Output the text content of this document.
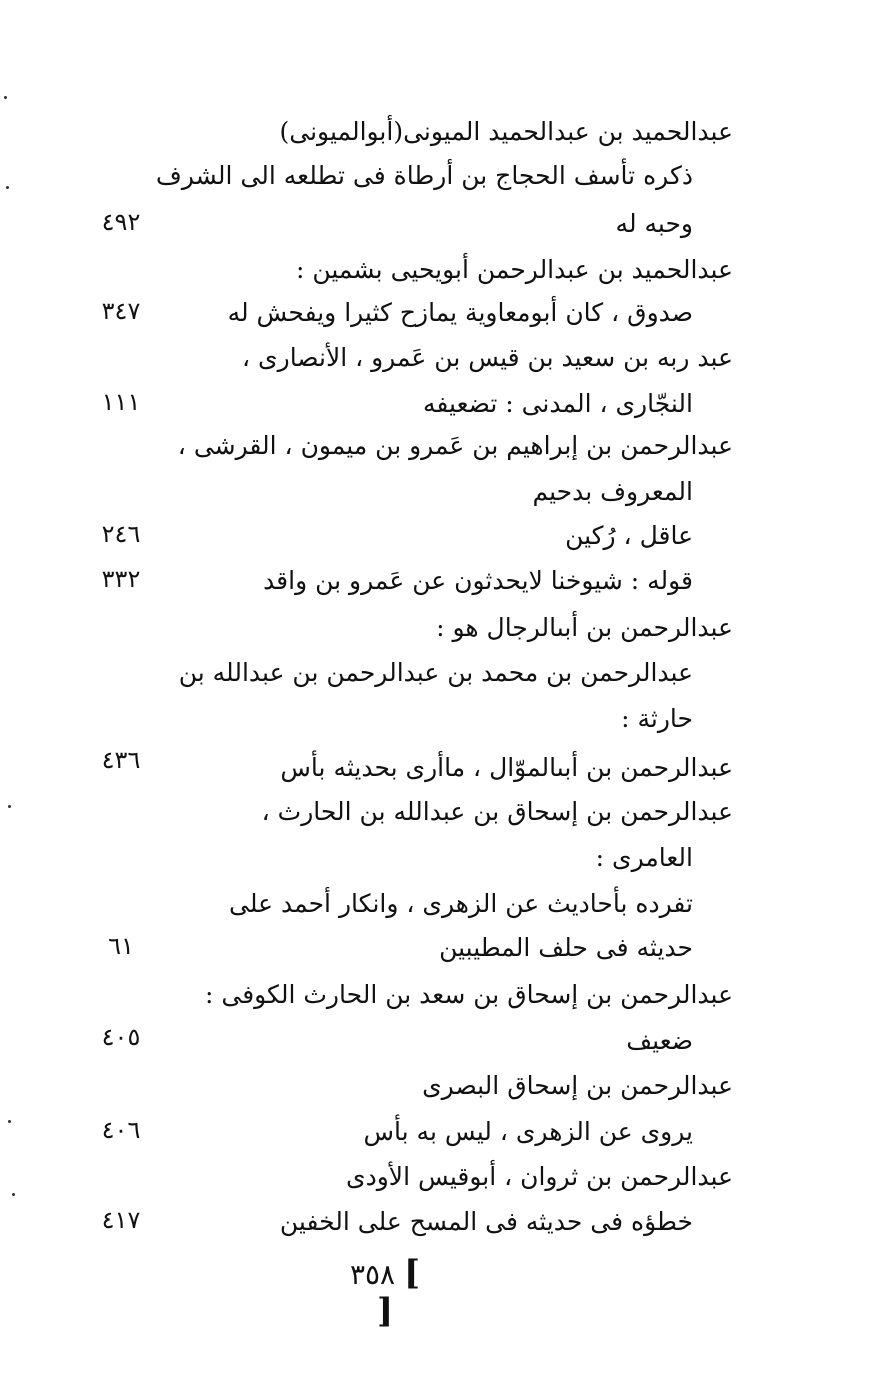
عبدالحميد بن عبدالحميد الميونى(أبوالميونى)
ذكره تأسف الحجاج بن أرطاة فى تطلعه الى الشرف
وحبه له
٤٩٢
عبدالحميد بن عبدالرحمن أبويحيى بشمين :
صدوق ، كان أبومعاوية يمازح كثيرا ويفحش له
٣٤٧
عبد ربه بن سعيد بن قيس بن عَمرو ، الأنصارى ،
النجّارى ، المدنى : تضعيفه
١١١
عبدالرحمن بن إبراهيم بن عَمرو بن ميمون ، القرشى ،
المعروف بدحيم
عاقل ، رُكين
٢٤٦
قوله : شيوخنا لايحدثون عن عَمرو بن واقد
٣٣٢
عبدالرحمن بن أبىالرجال هو :
عبدالرحمن بن محمد بن عبدالرحمن بن عبدالله بن
حارثة :
عبدالرحمن بن أبىالموّال ، ماأرى بحديثه بأس
٤٣٦
عبدالرحمن بن إسحاق بن عبدالله بن الحارث ،
العامرى :
تفرده بأحاديث عن الزهرى ، وانكار أحمد على
حديثه فى حلف المطيبين
٦١
عبدالرحمن بن إسحاق بن سعد بن الحارث الكوفى :
ضعيف
٤٠٥
عبدالرحمن بن إسحاق البصرى
يروى عن الزهرى ، ليس به بأس
٤٠٦
عبدالرحمن بن ثروان ، أبوقيس الأودى
خطؤه فى حديثه فى المسح على الخفين
٤١٧
] ٣٥٨ [
